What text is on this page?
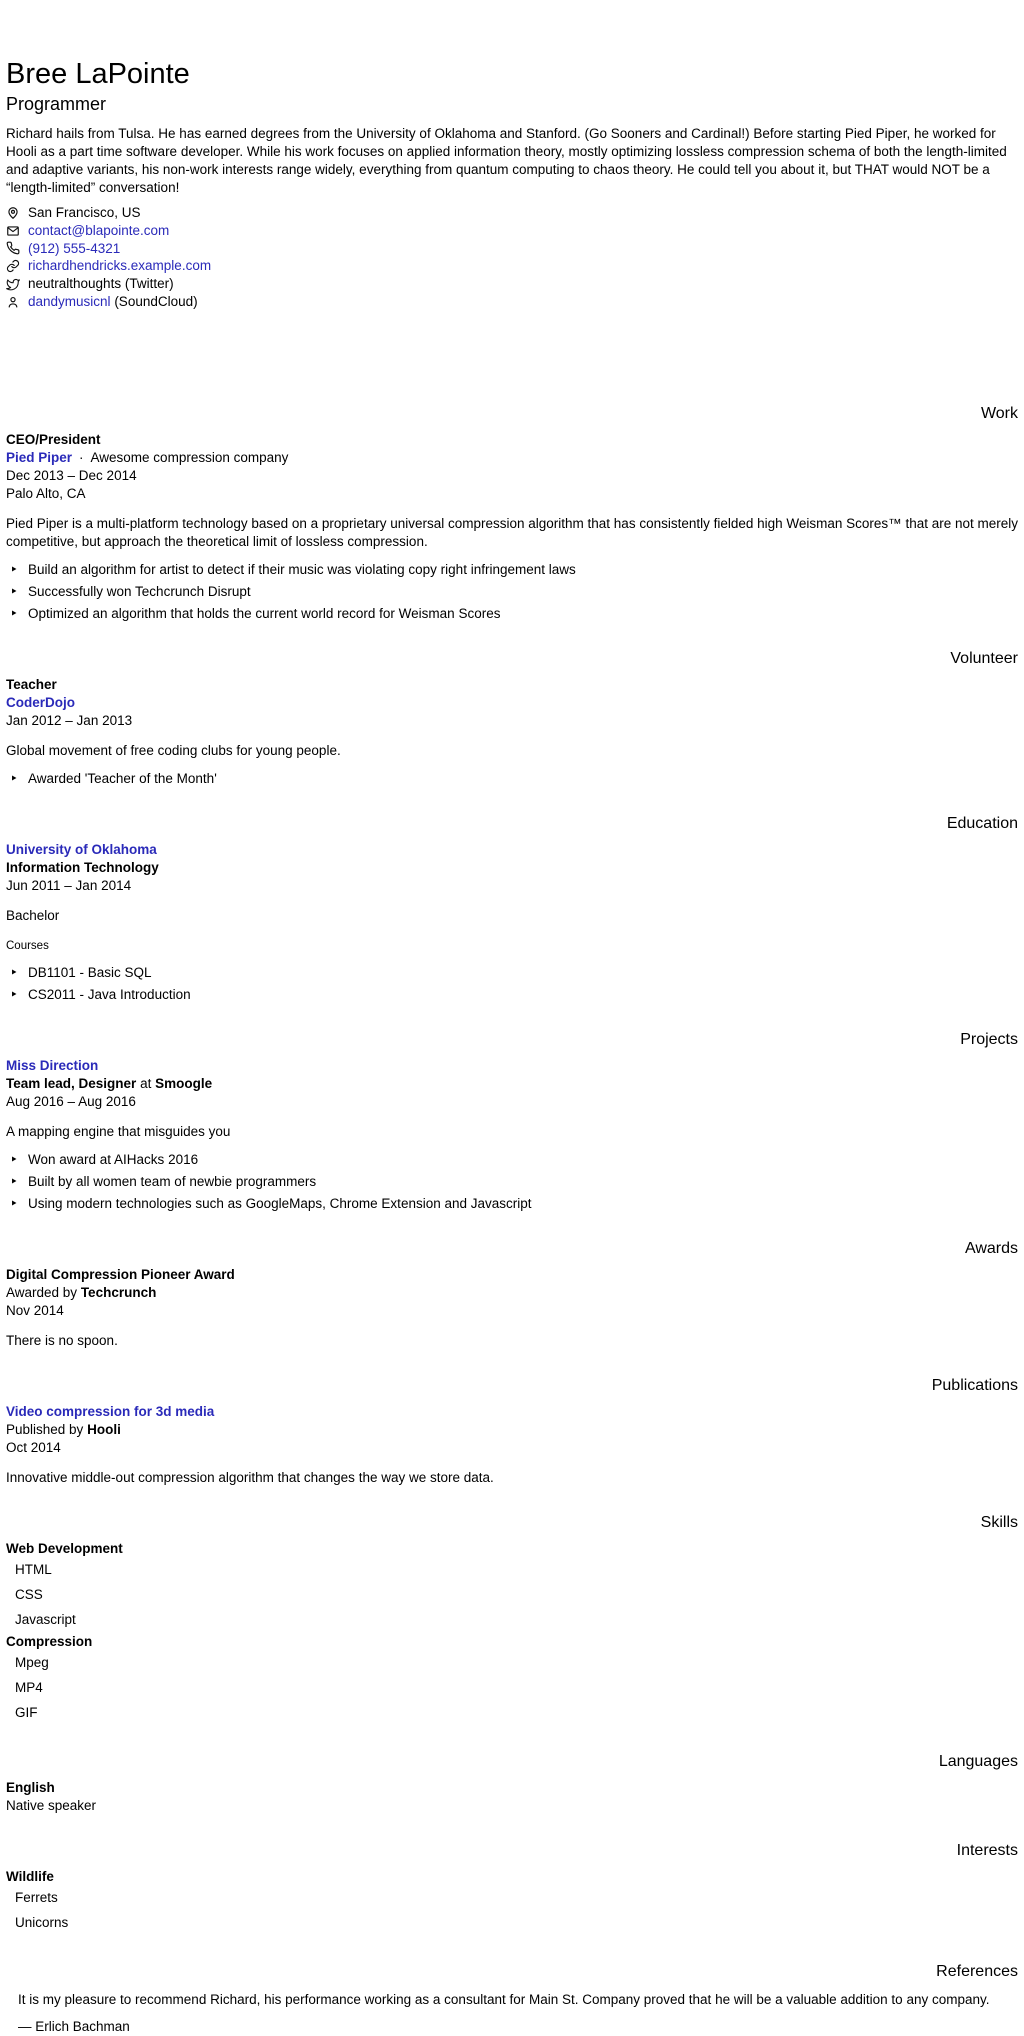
Bree LaPointe
Programmer

Richard hails from Tulsa. He has earned degrees from the University of Oklahoma and Stanford. (Go Sooners and Cardinal!) Before starting Pied Piper, he worked for Hooli as a part time software developer. While his work focuses on applied information theory, mostly optimizing lossless compression schema of both the length-limited and adaptive variants, his non-work interests range widely, everything from quantum computing to chaos theory. He could tell you about it, but THAT would NOT be a “length-limited” conversation!

San Francisco, US
contact@blapointe.com
(912) 555-4321
richardhendricks.example.com
neutralthoughts (Twitter)
dandymusicnl (SoundCloud)
Work

CEO/President

Pied Piper · Awesome compression company

Dec 2013 – Dec 2014

Palo Alto, CA

Pied Piper is a multi-platform technology based on a proprietary universal compression algorithm that has consistently fielded high Weisman Scores™ that are not merely competitive, but approach the theoretical limit of lossless compression.

‣ Build an algorithm for artist to detect if their music was violating copy right infringement laws
‣ Successfully won Techcrunch Disrupt
‣ Optimized an algorithm that holds the current world record for Weisman Scores
Volunteer

Teacher

CoderDojo

Jan 2012 – Jan 2013

Global movement of free coding clubs for young people.

‣ Awarded 'Teacher of the Month'
Education

University of Oklahoma

Information Technology

Jun 2011 – Jan 2014

Bachelor

Courses

‣ DB1101 - Basic SQL
‣ CS2011 - Java Introduction
Projects

Miss Direction

Team lead, Designer at Smoogle

Aug 2016 – Aug 2016

A mapping engine that misguides you

‣ Won award at AIHacks 2016
‣ Built by all women team of newbie programmers
‣ Using modern technologies such as GoogleMaps, Chrome Extension and Javascript
Awards

Digital Compression Pioneer Award

Awarded by Techcrunch

Nov 2014

There is no spoon.

Publications

Video compression for 3d media

Published by Hooli

Oct 2014

Innovative middle-out compression algorithm that changes the way we store data.

Skills

Web Development

HTML
CSS
Javascript

Compression

Mpeg
MP4
GIF
Languages

English

Native speaker

Interests

Wildlife

Ferrets
Unicorns
References
It is my pleasure to recommend Richard, his performance working as a consultant for Main St. Company proved that he will be a valuable addition to any company.

— Erlich Bachman
